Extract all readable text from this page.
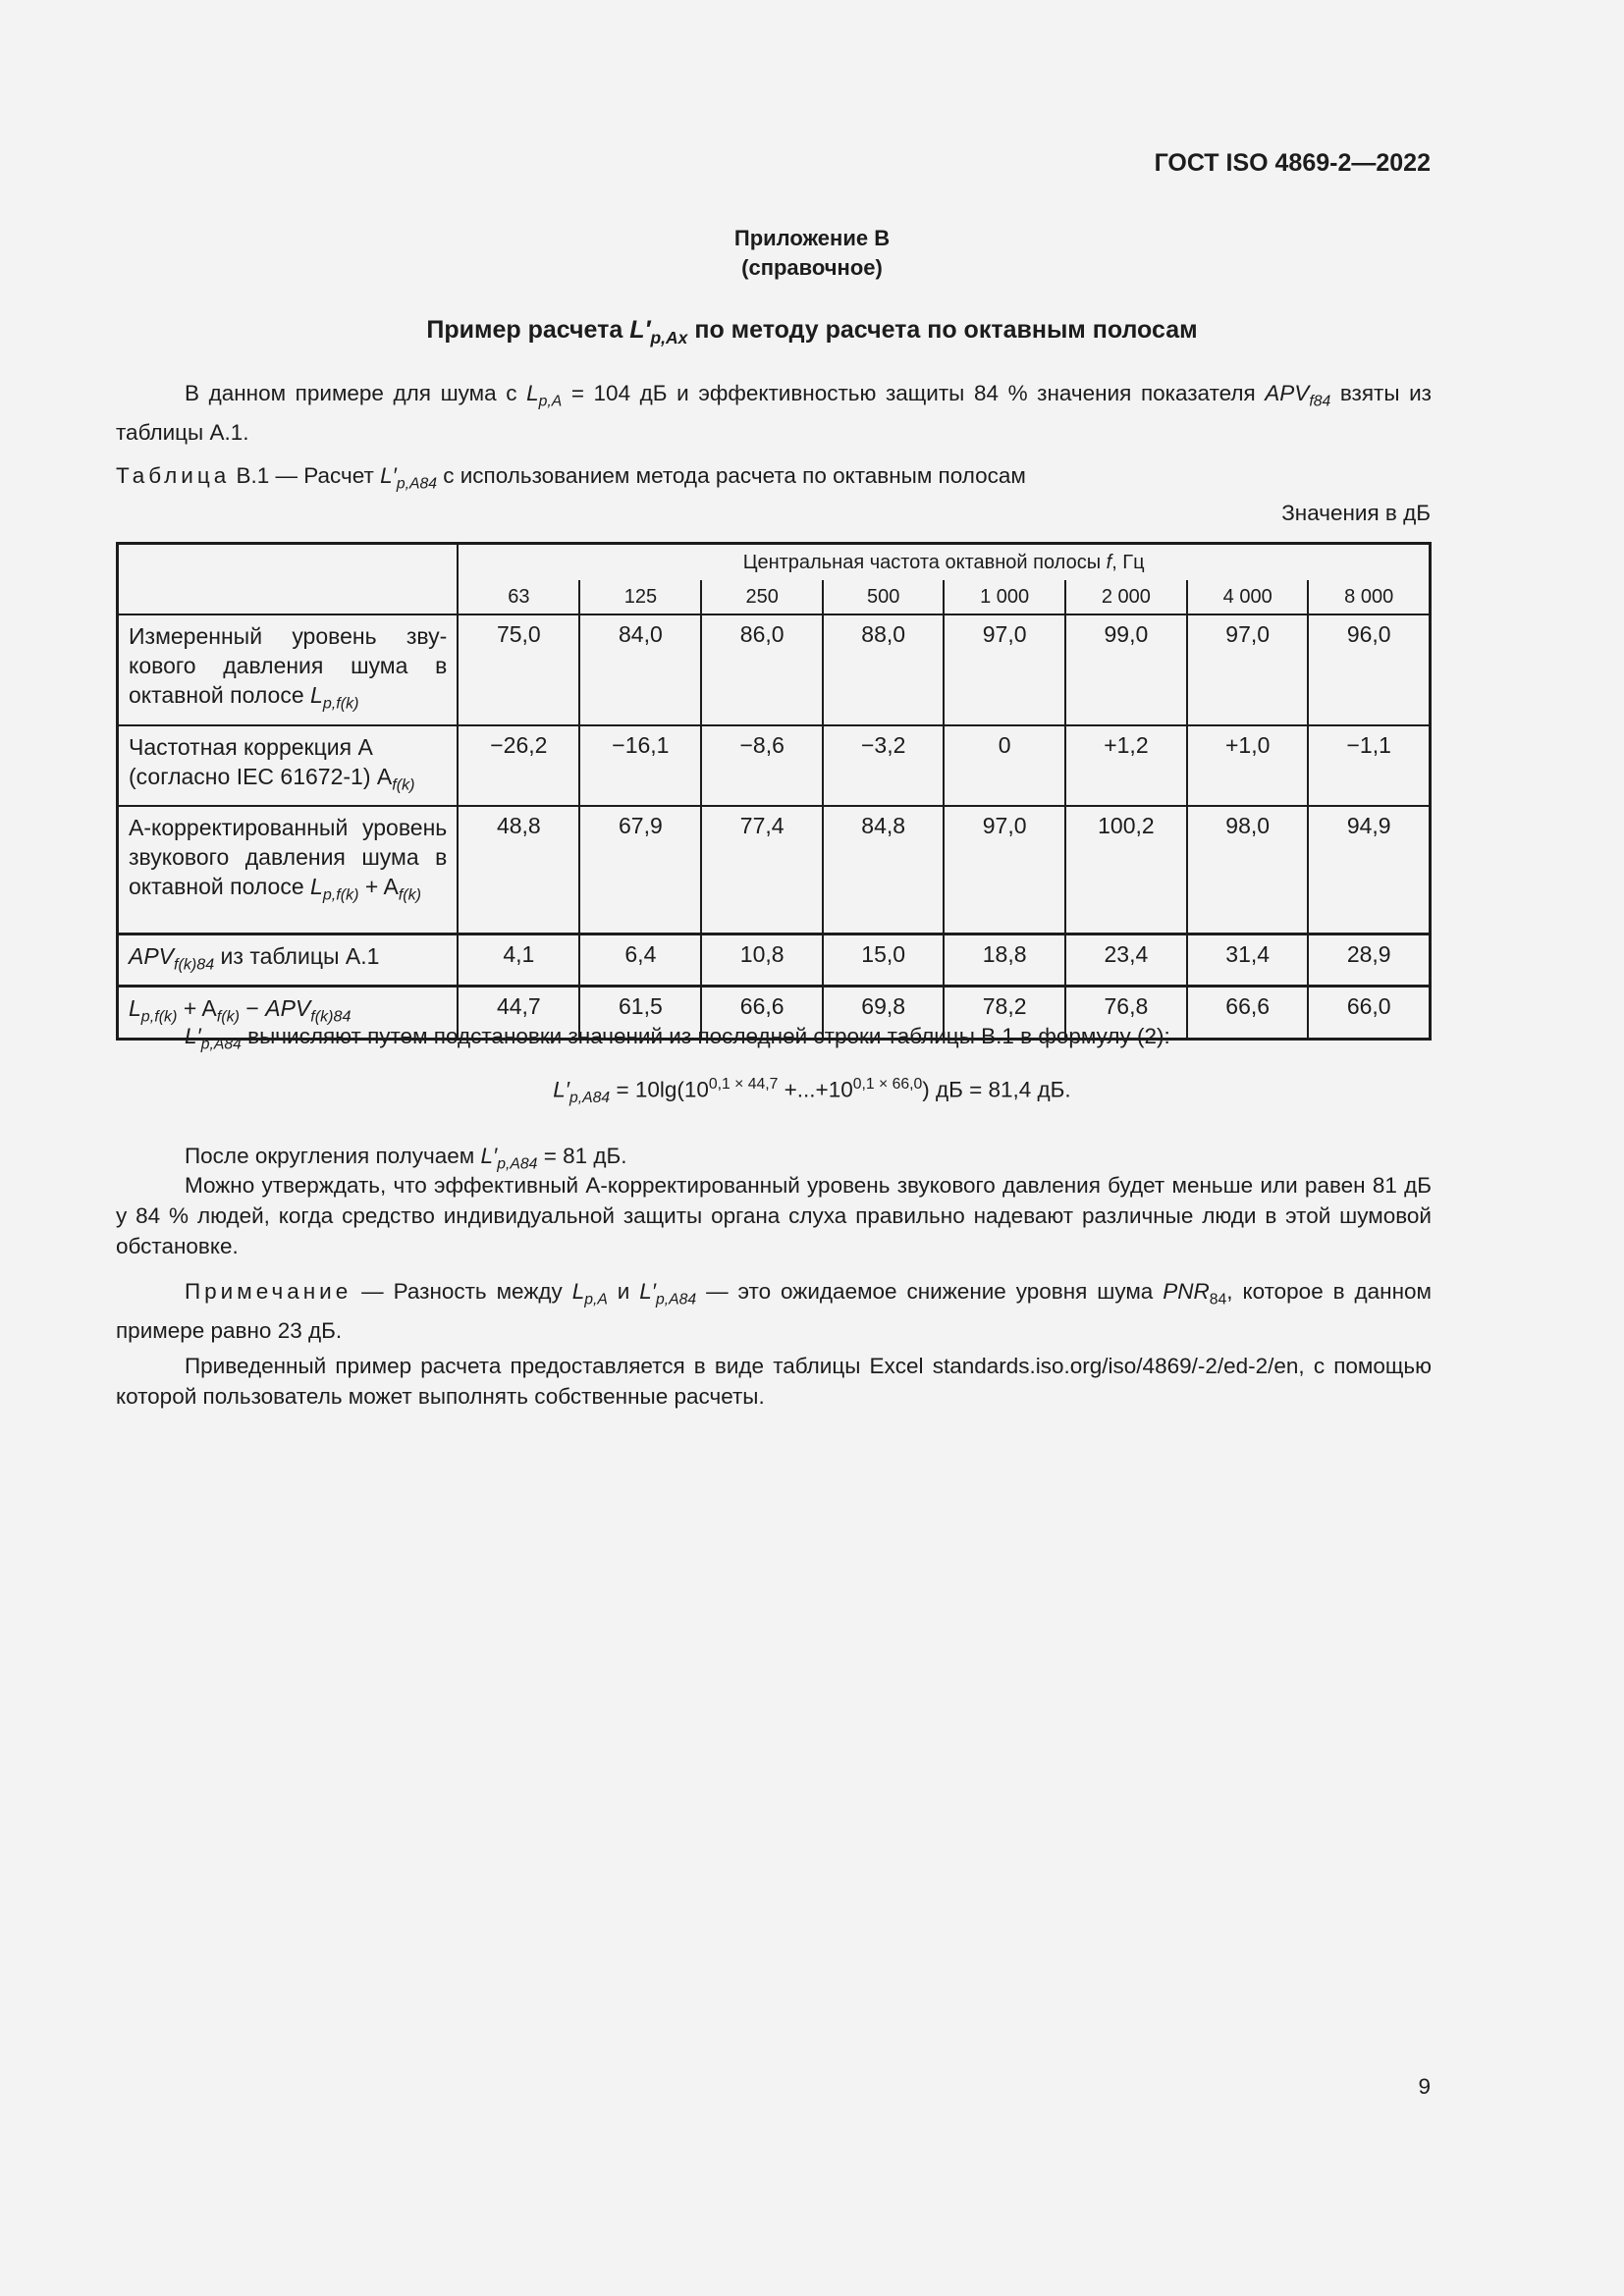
ГОСТ ISO 4869-2—2022
Приложение В
(справочное)
Пример расчета $L'_{p,Ax}$ по методу расчета по октавным полосам
В данном примере для шума с $L_{p,A} = 104$ дБ и эффективностью защиты 84 % значения показателя $APV_{f84}$ взяты из таблицы А.1.
Таблица В.1 — Расчет $L'_{p,A84}$ с использованием метода расчета по октавным полосам
Значения в дБ
	Центральная частота октавной полосы f, Гц							
	63	125	250	500	1 000	2 000	4 000	8 000
Измеренный уровень звукового давления шума в октавной полосе $L_{p,f(k)}$	75,0	84,0	86,0	88,0	97,0	99,0	97,0	96,0
Частотная коррекция А (согласно IEC 61672-1) $A_{f(k)}$	−26,2	−16,1	−8,6	−3,2	0	+1,2	+1,0	−1,1
А-корректированный уровень звукового давления шума в октавной полосе $L_{p,f(k)} + A_{f(k)}$	48,8	67,9	77,4	84,8	97,0	100,2	98,0	94,9
$APV_{f(k)84}$ из таблицы А.1	4,1	6,4	10,8	15,0	18,8	23,4	31,4	28,9
$L_{p,f(k)} + A_{f(k)} - APV_{f(k)84}$	44,7	61,5	66,6	69,8	78,2	76,8	66,6	66,0
$L'_{p,A84}$ вычисляют путем подстановки значений из последней строки таблицы В.1 в формулу (2):
$L'_{p,A84} = 10\lg(10^{0,1 \times 44,7} +...+10^{0,1 \times 66,0})$ дБ = 81,4 дБ.
После округления получаем $L'_{p,A84} = 81$ дБ.
Можно утверждать, что эффективный А-корректированный уровень звукового давления будет меньше или равен 81 дБ у 84 % людей, когда средство индивидуальной защиты органа слуха правильно надевают различные люди в этой шумовой обстановке.
Примечание — Разность между $L_{p,A}$ и $L'_{p,A84}$ — это ожидаемое снижение уровня шума $PNR_{84}$, которое в данном примере равно 23 дБ.
Приведенный пример расчета предоставляется в виде таблицы Excel standards.iso.org/iso/4869/-2/ed-2/en, с помощью которой пользователь может выполнять собственные расчеты.
9
